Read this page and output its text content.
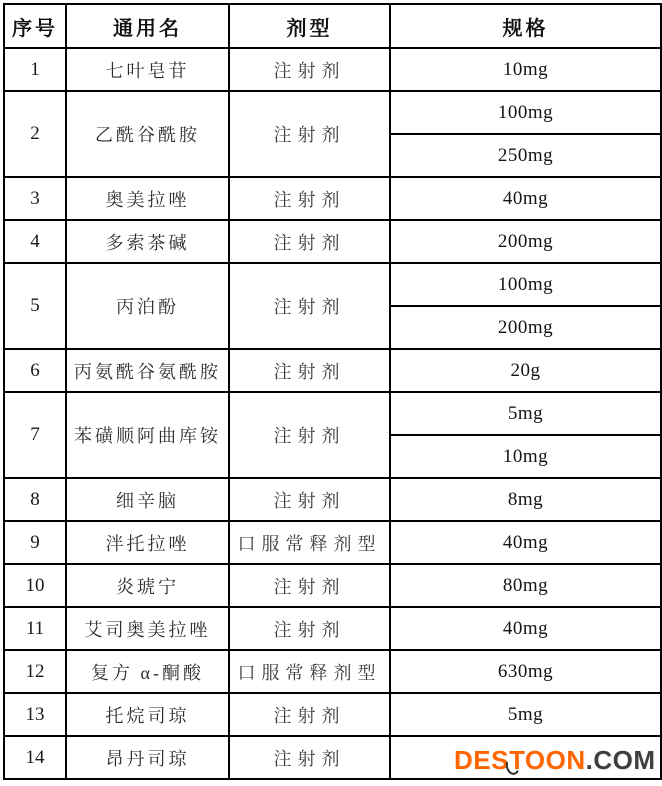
序号	通用名	剂型	规格
1	七叶皂苷	注射剂	10mg
2	乙酰谷酰胺	注射剂	100mg
			250mg
3	奥美拉唑	注射剂	40mg
4	多索茶碱	注射剂	200mg
5	丙泊酚	注射剂	100mg
			200mg
6	丙氨酰谷氨酰胺	注射剂	20g
7	苯磺顺阿曲库铵	注射剂	5mg
			10mg
8	细辛脑	注射剂	8mg
9	泮托拉唑	口服常释剂型	40mg
10	炎琥宁	注射剂	80mg
11	艾司奥美拉唑	注射剂	40mg
12	复方 α-酮酸	口服常释剂型	630mg
13	托烷司琼	注射剂	5mg
14	昂丹司琼	注射剂		DESTOON.COM
